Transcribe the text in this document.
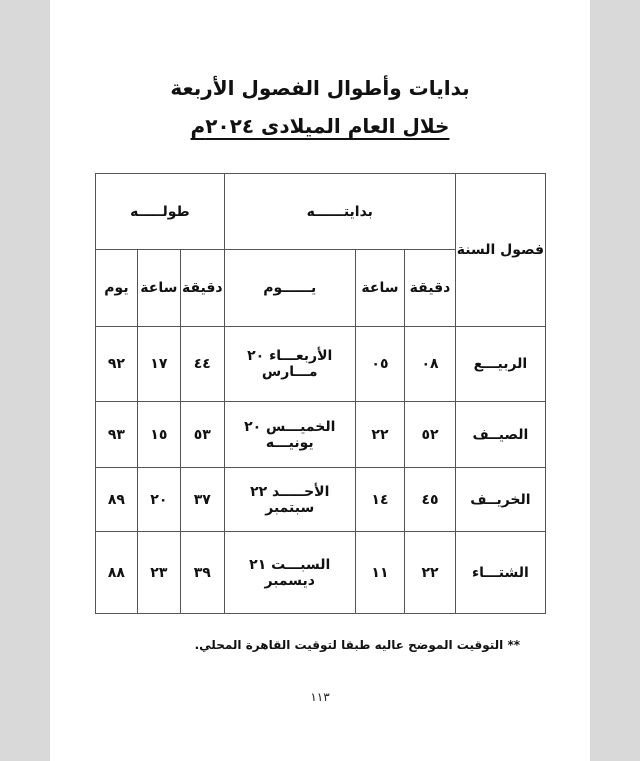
بدايات وأطوال الفصول الأربعة
خلال العام الميلادى ٢٠٢٤م
فصول السنة	بدايتــــــه			طولـــــه		
	دقيقة	ساعة	يــــــوم	دقيقة	ساعة	يوم
الربيـــع	٠٨	٠٥	الأربعـــاء ٢٠ مـــارس	٤٤	١٧	٩٢
الصيــف	٥٢	٢٢	الخميـــس ٢٠ يونيـــه	٥٣	١٥	٩٣
الخريــف	٤٥	١٤	الأحـــــد ٢٢ سبتمبر	٣٧	٢٠	٨٩
الشتـــاء	٢٢	١١	السبـــت ٢١ ديسمبر	٣٩	٢٣	٨٨
** التوقيت الموضح عاليه طبقا لتوقيت القاهرة المحلي.
١١٣
